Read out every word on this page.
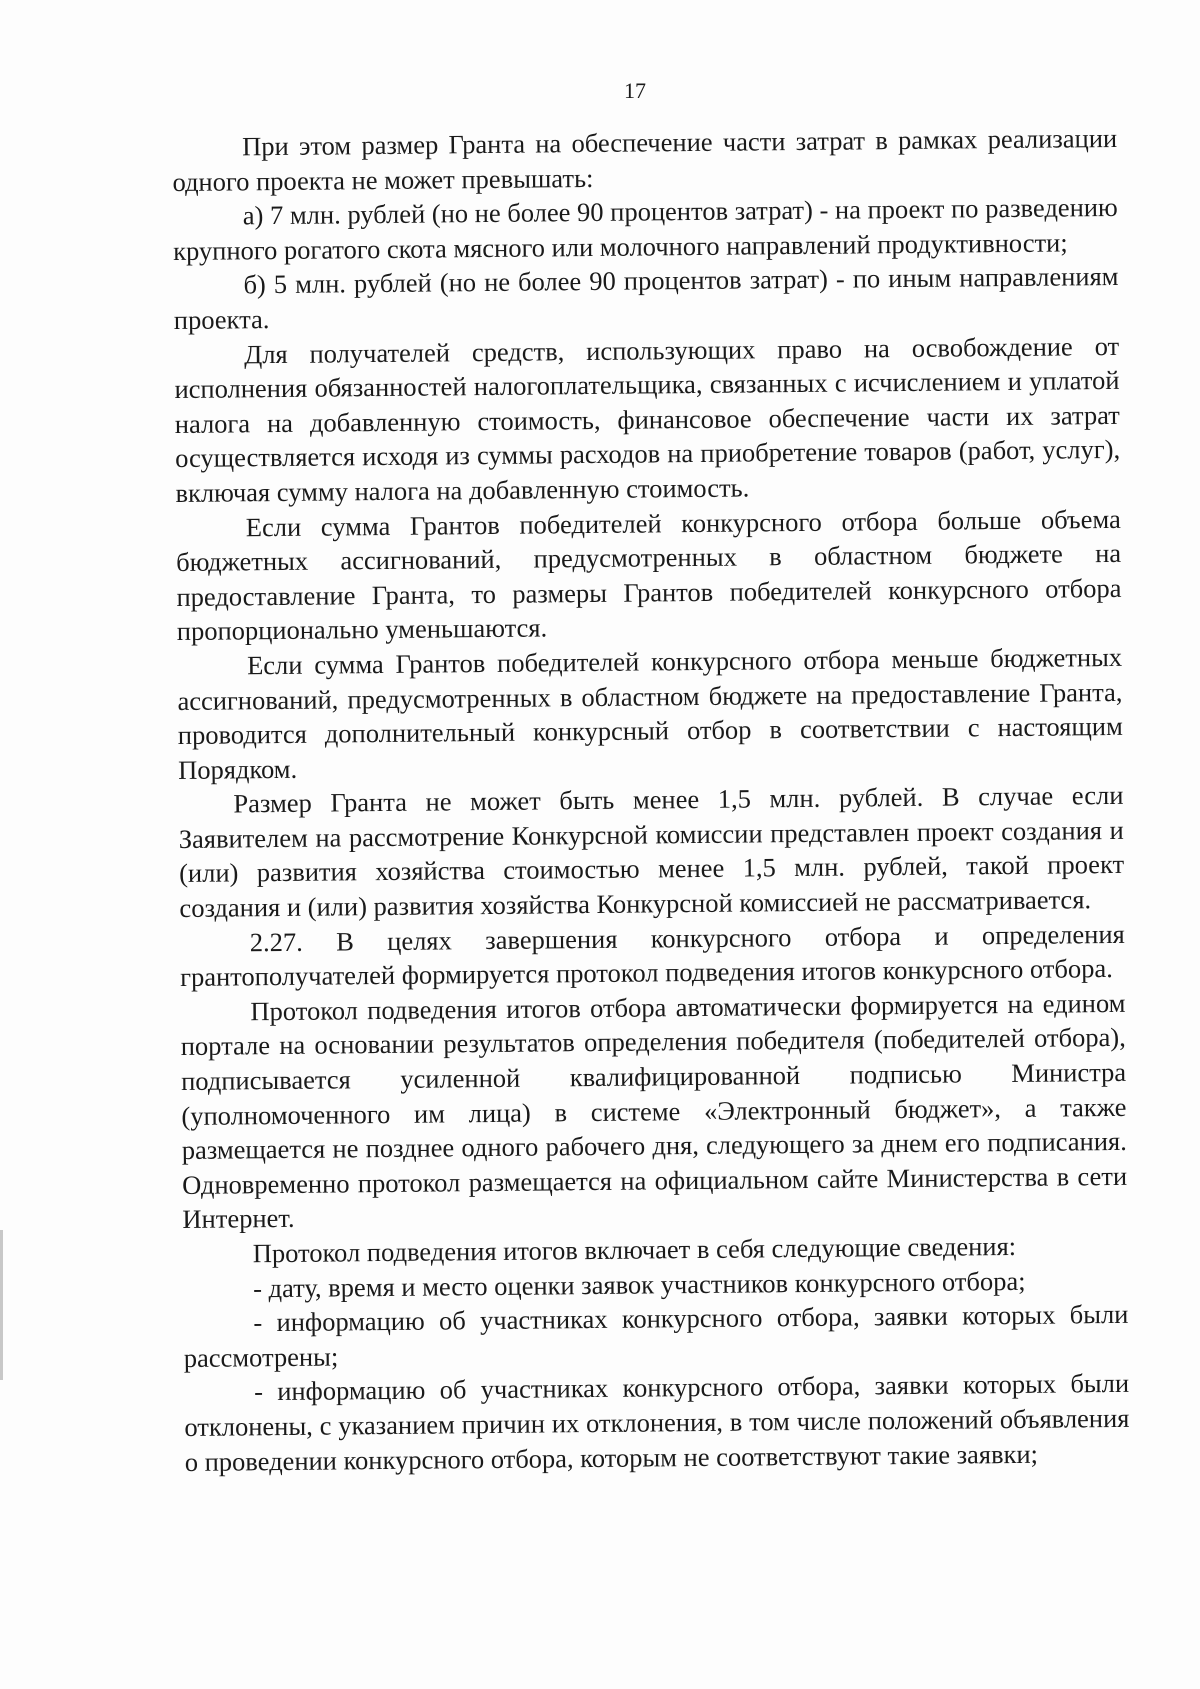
17

При этом размер Гранта на обеспечение части затрат в рамках реализации одного проекта не может превышать:

а) 7 млн. рублей (но не более 90 процентов затрат) - на проект по разведению крупного рогатого скота мясного или молочного направлений продуктивности;

б) 5 млн. рублей (но не более 90 процентов затрат) - по иным направлениям проекта.

Для получателей средств, использующих право на освобождение от исполнения обязанностей налогоплательщика, связанных с исчислением и уплатой налога на добавленную стоимость, финансовое обеспечение части их затрат осуществляется исходя из суммы расходов на приобретение товаров (работ, услуг), включая сумму налога на добавленную стоимость.

Если сумма Грантов победителей конкурсного отбора больше объема бюджетных ассигнований, предусмотренных в областном бюджете на предоставление Гранта, то размеры Грантов победителей конкурсного отбора пропорционально уменьшаются.

Если сумма Грантов победителей конкурсного отбора меньше бюджетных ассигнований, предусмотренных в областном бюджете на предоставление Гранта, проводится дополнительный конкурсный отбор в соответствии с настоящим Порядком.

Размер Гранта не может быть менее 1,5 млн. рублей. В случае если Заявителем на рассмотрение Конкурсной комиссии представлен проект создания и (или) развития хозяйства стоимостью менее 1,5 млн. рублей, такой проект создания и (или) развития хозяйства Конкурсной комиссией не рассматривается.

2.27. В целях завершения конкурсного отбора и определения грантополучателей формируется протокол подведения итогов конкурсного отбора.

Протокол подведения итогов отбора автоматически формируется на едином портале на основании результатов определения победителя (победителей отбора), подписывается усиленной квалифицированной подписью Министра (уполномоченного им лица) в системе «Электронный бюджет», а также размещается не позднее одного рабочего дня, следующего за днем его подписания. Одновременно протокол размещается на официальном сайте Министерства в сети Интернет.

Протокол подведения итогов включает в себя следующие сведения:

- дату, время и место оценки заявок участников конкурсного отбора;

- информацию об участниках конкурсного отбора, заявки которых были рассмотрены;

- информацию об участниках конкурсного отбора, заявки которых были отклонены, с указанием причин их отклонения, в том числе положений объявления о проведении конкурсного отбора, которым не соответствуют такие заявки;
